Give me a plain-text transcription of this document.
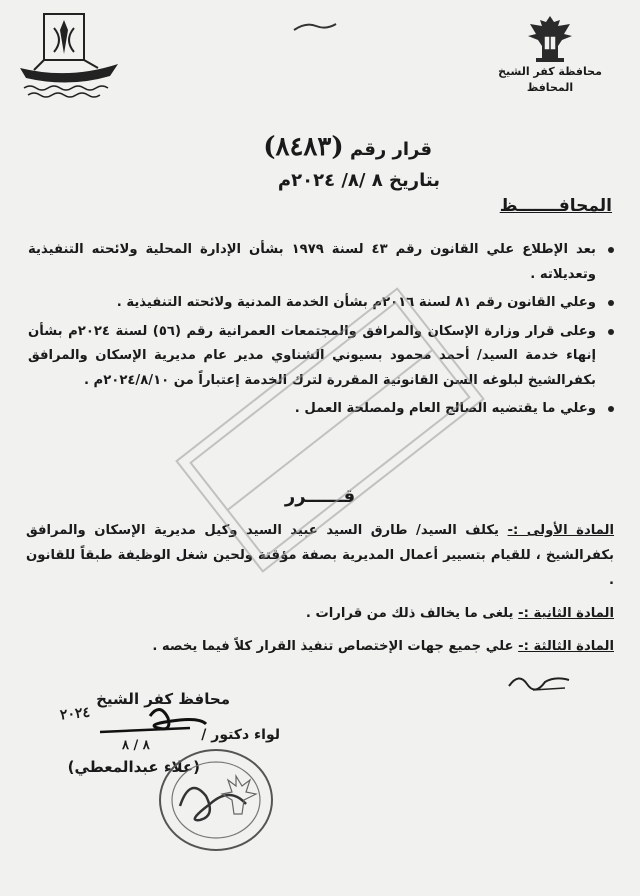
محافظة كفر الشيخ
المحافظ
قرار رقم (٨٤٨٣)
بتاريخ ٨ /٨/ ٢٠٢٤م
المحافـــــــظ
بعد الإطلاع علي القانون رقم ٤٣ لسنة ١٩٧٩ بشأن الإدارة المحلية ولائحته التنفيذية وتعديلاته .
وعلي القانون رقم ٨١ لسنة ٢٠١٦م بشأن الخدمة المدنية ولائحته التنفيذية .
وعلى قرار وزارة الإسكان والمرافق والمجتمعات العمرانية رقم (٥٦) لسنة ٢٠٢٤م بشأن إنهاء خدمة السيد/ أحمد محمود بسيوني الشناوي مدير عام مديرية الإسكان والمرافق بكفرالشيخ لبلوغه السن القانونية المقررة لترك الخدمة إعتباراً من ٢٠٢٤/٨/١٠م .
وعلي ما يقتضيه الصالح العام ولمصلحة العمل .
قــــــرر
المادة الأولى :- يكلف السيد/ طارق السيد عبيد السيد وكيل مديرية الإسكان والمرافق بكفرالشيخ ، للقيام بتسيير أعمال المديرية بصفة مؤقتة ولحين شغل الوظيفة طبقاً للقانون .
المادة الثانية :- يلغى ما يخالف ذلك من قرارات .
المادة الثالثة :- علي جميع جهات الإختصاص تنفيذ القرار كلاً فيما يخصه .
محافظ كفر الشيخ
لواء دكتور /
(علاء عبدالمعطي)
٢٠٢٤
٨ / ٨
